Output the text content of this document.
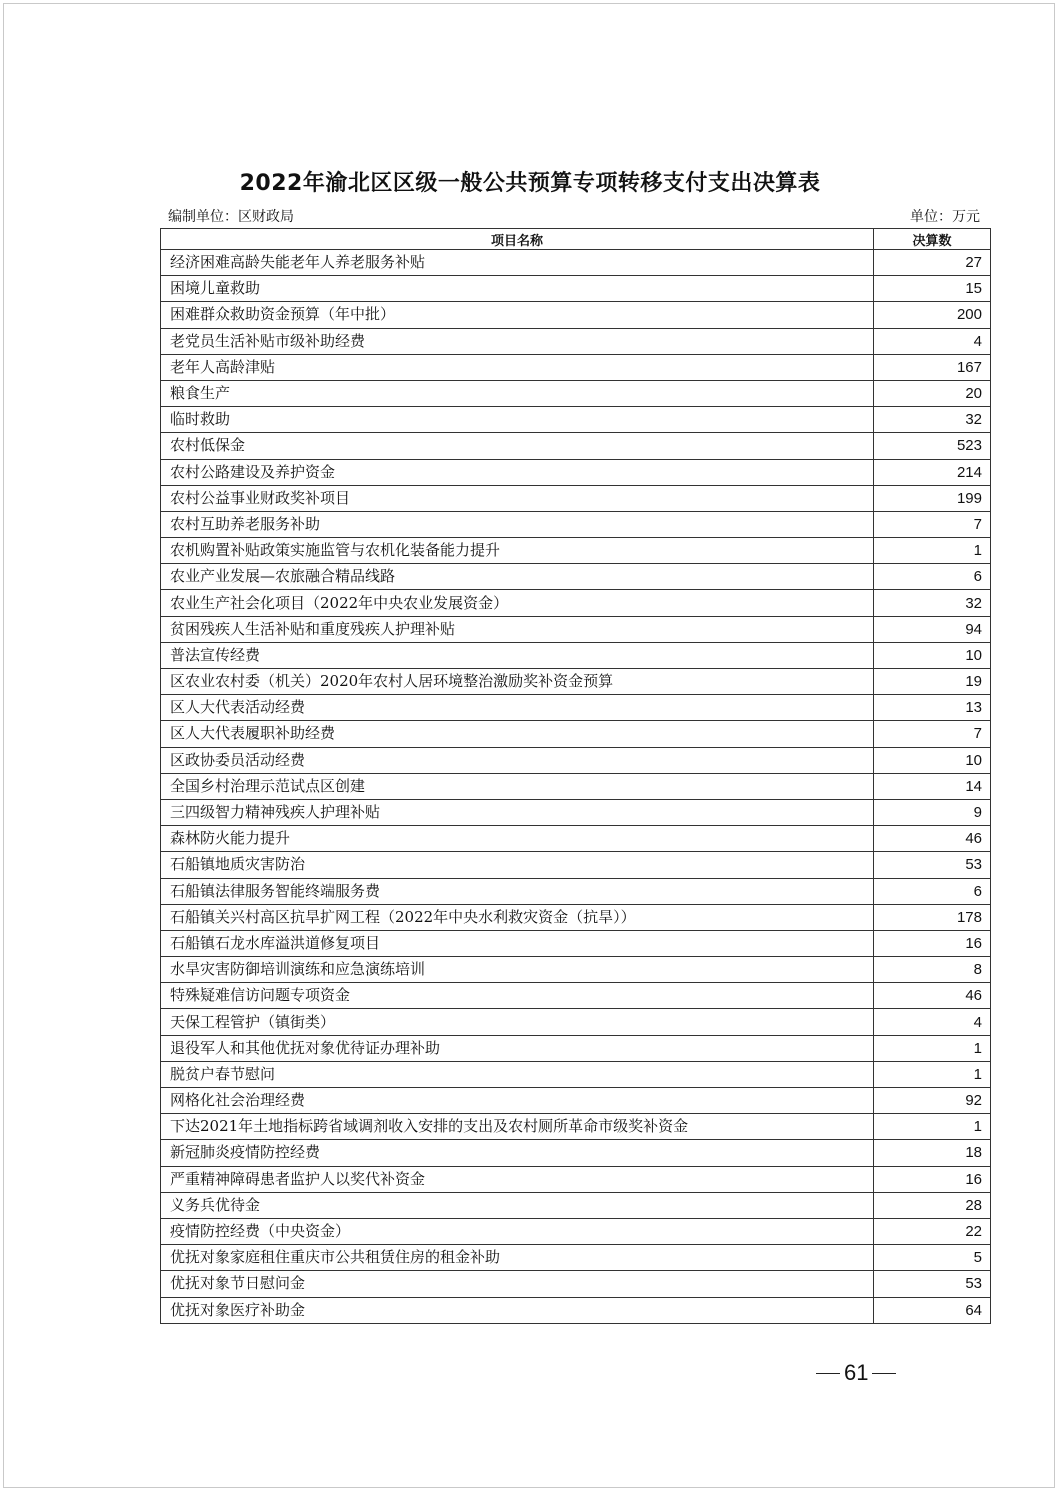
2022年渝北区区级一般公共预算专项转移支付支出决算表
编制单位：区财政局	单位：万元
项目名称	决算数
经济困难高龄失能老年人养老服务补贴	27
困境儿童救助	15
困难群众救助资金预算（年中批）	200
老党员生活补贴市级补助经费	4
老年人高龄津贴	167
粮食生产	20
临时救助	32
农村低保金	523
农村公路建设及养护资金	214
农村公益事业财政奖补项目	199
农村互助养老服务补助	7
农机购置补贴政策实施监管与农机化装备能力提升	1
农业产业发展—农旅融合精品线路	6
农业生产社会化项目（2022年中央农业发展资金）	32
贫困残疾人生活补贴和重度残疾人护理补贴	94
普法宣传经费	10
区农业农村委（机关）2020年农村人居环境整治激励奖补资金预算	19
区人大代表活动经费	13
区人大代表履职补助经费	7
区政协委员活动经费	10
全国乡村治理示范试点区创建	14
三四级智力精神残疾人护理补贴	9
森林防火能力提升	46
石船镇地质灾害防治	53
石船镇法律服务智能终端服务费	6
石船镇关兴村高区抗旱扩网工程（2022年中央水利救灾资金（抗旱））	178
石船镇石龙水库溢洪道修复项目	16
水旱灾害防御培训演练和应急演练培训	8
特殊疑难信访问题专项资金	46
天保工程管护（镇街类）	4
退役军人和其他优抚对象优待证办理补助	1
脱贫户春节慰问	1
网格化社会治理经费	92
下达2021年土地指标跨省域调剂收入安排的支出及农村厕所革命市级奖补资金	1
新冠肺炎疫情防控经费	18
严重精神障碍患者监护人以奖代补资金	16
义务兵优待金	28
疫情防控经费（中央资金）	22
优抚对象家庭租住重庆市公共租赁住房的租金补助	5
优抚对象节日慰问金	53
优抚对象医疗补助金	64
61
